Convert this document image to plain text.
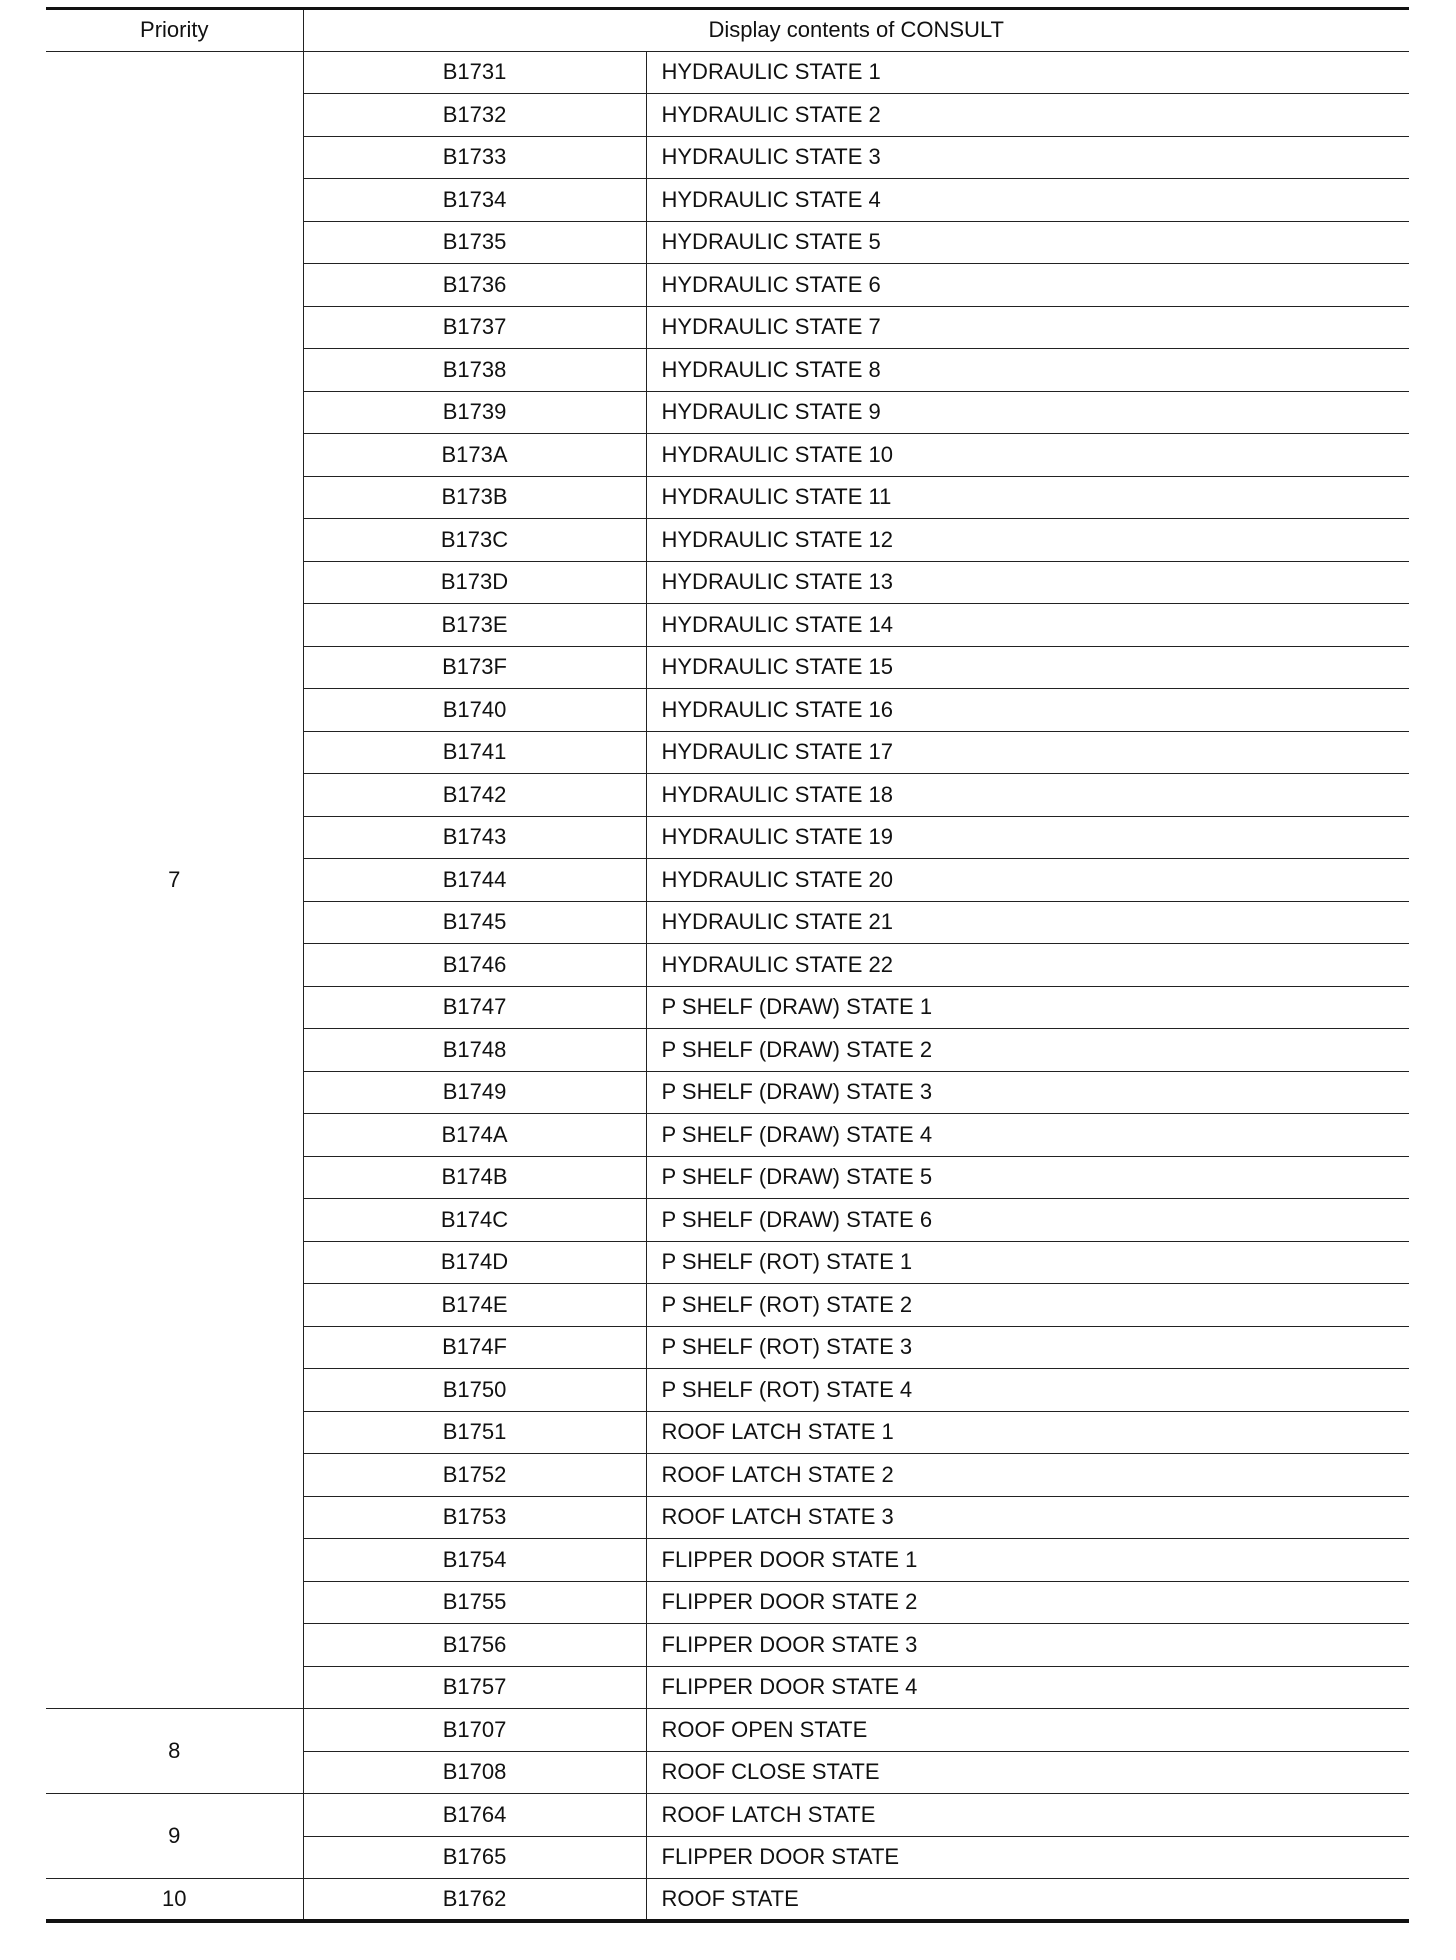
Priority	Display contents of CONSULT	
7	B1731	HYDRAULIC STATE 1
	B1732	HYDRAULIC STATE 2
	B1733	HYDRAULIC STATE 3
	B1734	HYDRAULIC STATE 4
	B1735	HYDRAULIC STATE 5
	B1736	HYDRAULIC STATE 6
	B1737	HYDRAULIC STATE 7
	B1738	HYDRAULIC STATE 8
	B1739	HYDRAULIC STATE 9
	B173A	HYDRAULIC STATE 10
	B173B	HYDRAULIC STATE 11
	B173C	HYDRAULIC STATE 12
	B173D	HYDRAULIC STATE 13
	B173E	HYDRAULIC STATE 14
	B173F	HYDRAULIC STATE 15
	B1740	HYDRAULIC STATE 16
	B1741	HYDRAULIC STATE 17
	B1742	HYDRAULIC STATE 18
	B1743	HYDRAULIC STATE 19
	B1744	HYDRAULIC STATE 20
	B1745	HYDRAULIC STATE 21
	B1746	HYDRAULIC STATE 22
	B1747	P SHELF (DRAW) STATE 1
	B1748	P SHELF (DRAW) STATE 2
	B1749	P SHELF (DRAW) STATE 3
	B174A	P SHELF (DRAW) STATE 4
	B174B	P SHELF (DRAW) STATE 5
	B174C	P SHELF (DRAW) STATE 6
	B174D	P SHELF (ROT) STATE 1
	B174E	P SHELF (ROT) STATE 2
	B174F	P SHELF (ROT) STATE 3
	B1750	P SHELF (ROT) STATE 4
	B1751	ROOF LATCH STATE 1
	B1752	ROOF LATCH STATE 2
	B1753	ROOF LATCH STATE 3
	B1754	FLIPPER DOOR STATE 1
	B1755	FLIPPER DOOR STATE 2
	B1756	FLIPPER DOOR STATE 3
	B1757	FLIPPER DOOR STATE 4
8	B1707	ROOF OPEN STATE
	B1708	ROOF CLOSE STATE
9	B1764	ROOF LATCH STATE
	B1765	FLIPPER DOOR STATE
10	B1762	ROOF STATE
